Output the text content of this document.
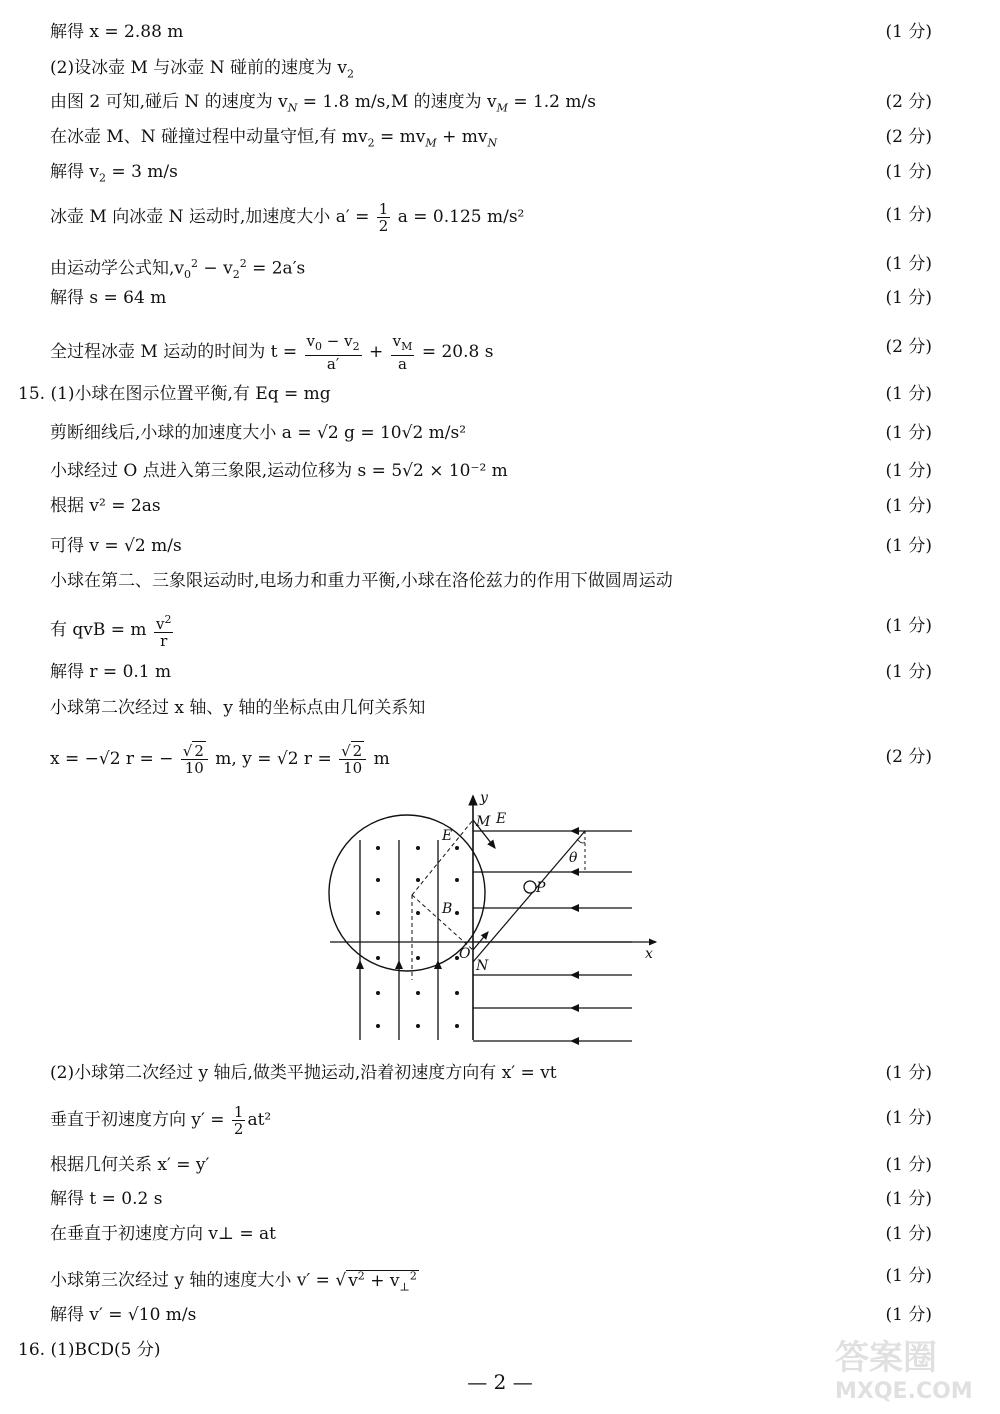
解得 x = 2.88 m	(1 分)
(2)设冰壶 M 与冰壶 N 碰前的速度为 $v_2$
由图 2 可知,碰后 N 的速度为 $v_N = 1.8$ m/s,M 的速度为 $v_M = 1.2$ m/s	(2 分)
在冰壶 M、N 碰撞过程中动量守恒,有 $mv_2 = mv_M + mv_N$	(2 分)
解得 $v_2 = 3$ m/s	(1 分)
冰壶 M 向冰壶 N 运动时,加速度大小 $a' = \frac{1}{2}$ a = 0.125 m/s²	(1 分)
由运动学公式知$,v_0^2 - v_2^2 = 2a's$	(1 分)
解得 s = 64 m	(1 分)
全过程冰壶 M 运动的时间为 $t = \frac{v_0 - v_2}{a'} + \frac{v_M}{a} = 20.8$ s	(2 分)
15. (1)小球在图示位置平衡,有 Eq = mg	(1 分)
剪断细线后,小球的加速度大小 a = √2 g = 10√2 m/s²	(1 分)
小球经过 O 点进入第三象限,运动位移为 s = 5√2 × 10⁻² m	(1 分)
根据 v² = 2as	(1 分)
可得 v = √2 m/s	(1 分)
小球在第二、三象限运动时,电场力和重力平衡,小球在洛伦兹力的作用下做圆周运动
有 qvB = m $\frac{v^2}{r}$	(1 分)
解得 r = 0.1 m	(1 分)
小球第二次经过 x 轴、y 轴的坐标点由几何关系知
x = −√2 r = − $\frac{√ 2}{10} m$, y = √2 $r = \frac{√ 2}{10}$ m	(2 分)
y
M E
E
θ
P
B
O
N
x
(2)小球第二次经过 y 轴后,做类平抛运动,沿着初速度方向有 x′ = vt	(1 分)
垂直于初速度方向 $y' = \frac{1}{2} at^2$	(1 分)
根据几何关系 x′ = y′	(1 分)
解得 t = 0.2 s	(1 分)
在垂直于初速度方向 v⊥ = at	(1 分)
小球第三次经过 y 轴的速度大小 v′ = √ $v^2 + v_\perp^2$	(1 分)
解得 v′ = √10 m/s	(1 分)
16. (1)BCD(5 分)
— 2 —
答案圈
MXQE.COM
